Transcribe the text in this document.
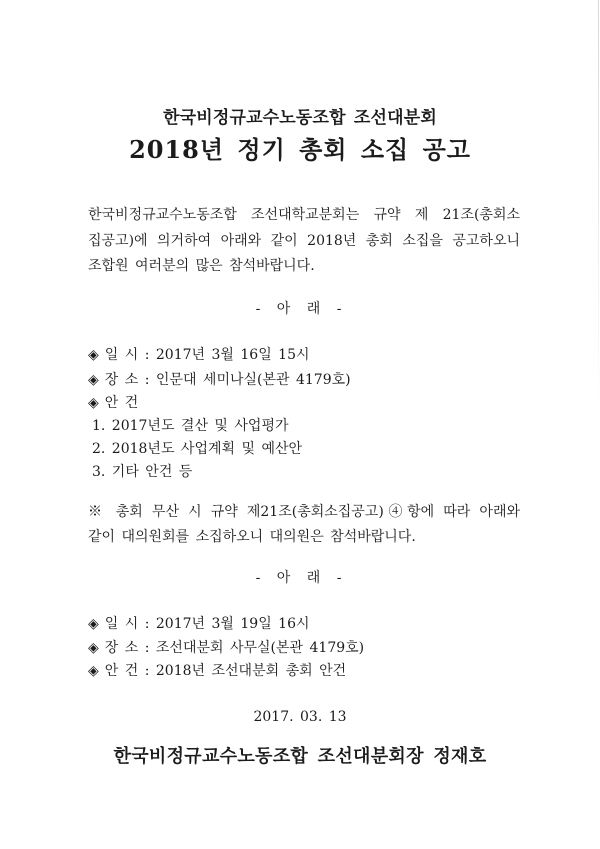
한국비정규교수노동조합 조선대분회
2018년 정기 총회 소집 공고
한국비정규교수노동조합 조선대학교분회는 규약 제 21조(총회소
집공고)에 의거하여 아래와 같이 2018년 총회 소집을 공고하오니
조합원 여러분의 많은 참석바랍니다.
- 아 래 -
◈ 일 시 : 2017년 3월 16일 15시
◈ 장 소 : 인문대 세미나실(본관 4179호)
◈ 안 건
1. 2017년도 결산 및 사업평가
2. 2018년도 사업계획 및 예산안
3. 기타 안건 등
※ 총회 무산 시 규약 제21조(총회소집공고)④항에 따라 아래와
같이 대의원회를 소집하오니 대의원은 참석바랍니다.
- 아 래 -
◈ 일 시 : 2017년 3월 19일 16시
◈ 장 소 : 조선대분회 사무실(본관 4179호)
◈ 안 건 : 2018년 조선대분회 총회 안건
2017. 03. 13
한국비정규교수노동조합 조선대분회장 정재호
